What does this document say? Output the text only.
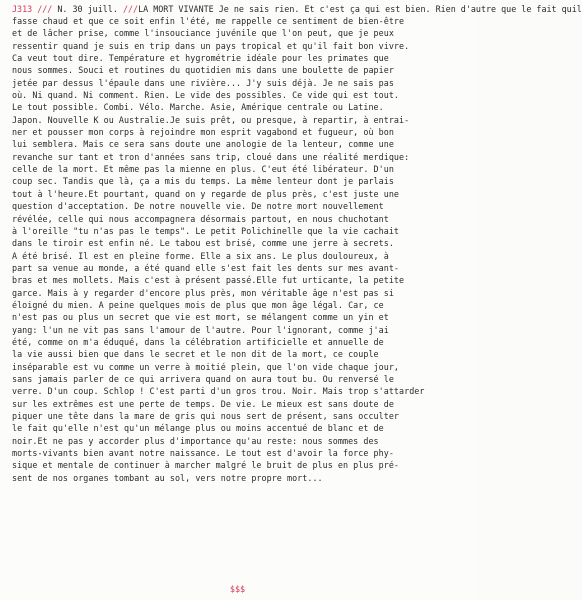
J313 /// N. 30 juill. ///LA MORT VIVANTE Je ne sais rien. Et c'est ça qui est bien. Rien d'autre que le fait quil
fasse chaud et que ce soit enfin l'été, me rappelle ce sentiment de bien-être
et de lâcher prise, comme l'insouciance juvénile que l'on peut, que je peux
ressentir quand je suis en trip dans un pays tropical et qu'il fait bon vivre.
Ca veut tout dire. Température et hygrométrie idéale pour les primates que
nous sommes. Souci et routines du quotidien mis dans une boulette de papier
jetée par dessus l'épaule dans une rivière... J'y suis déjà. Je ne sais pas
où. Ni quand. Ni comment. Rien. Le vide des possibles. Ce vide qui est tout.
Le tout possible. Combi. Vélo. Marche. Asie, Amérique centrale ou Latine.
Japon. Nouvelle K ou Australie.Je suis prêt, ou presque, à repartir, à entrai-
ner et pousser mon corps à rejoindre mon esprit vagabond et fugueur, où bon
lui semblera. Mais ce sera sans doute une anologie de la lenteur, comme une
revanche sur tant et tron d'années sans trip, cloué dans une réalité merdique:
celle de la mort. Et même pas la mienne en plus. C'eut été libérateur. D'un
coup sec. Tandis que là, ça a mis du temps. La même lenteur dont je parlais
tout à l'heure.Et pourtant, quand on y regarde de plus près, c'est juste une
question d'acceptation. De notre nouvelle vie. De notre mort nouvellement
révélée, celle qui nous accompagnera désormais partout, en nous chuchotant
à l'oreille "tu n'as pas le temps". Le petit Polichinelle que la vie cachait
dans le tiroir est enfin né. Le tabou est brisé, comme une jerre à secrets.
A été brisé. Il est en pleine forme. Elle a six ans. Le plus douloureux, à
part sa venue au monde, a été quand elle s'est fait les dents sur mes avant-
bras et mes mollets. Mais c'est à présent passé.Elle fut urticante, la petite
garce. Mais à y regarder d'encore plus près, mon véritable âge n'est pas si
éloigné du mien. A peine quelques mois de plus que mon âge légal. Car, ce
n'est pas ou plus un secret que vie est mort, se mélangent comme un yin et
yang: l'un ne vit pas sans l'amour de l'autre. Pour l'ignorant, comme j'ai
été, comme on m'a éduqué, dans la célébration artificielle et annuelle de
la vie aussi bien que dans le secret et le non dit de la mort, ce couple
inséparable est vu comme un verre à moitié plein, que l'on vide chaque jour,
sans jamais parler de ce qui arrivera quand on aura tout bu. Ou renversé le
verre. D'un coup. Schlop ! C'est parti d'un gros trou. Noir. Mais trop s'attarder
sur les extrêmes est une perte de temps. De vie. Le mieux est sans doute de
piquer une tête dans la mare de gris qui nous sert de présent, sans occulter
le fait qu'elle n'est qu'un mélange plus ou moins accentué de blanc et de
noir.Et ne pas y accorder plus d'importance qu'au reste: nous sommes des
morts-vivants bien avant notre naissance. Le tout est d'avoir la force phy-
sique et mentale de continuer à marcher malgré le bruit de plus en plus pré-
sent de nos organes tombant au sol, vers notre propre mort...
$$$
